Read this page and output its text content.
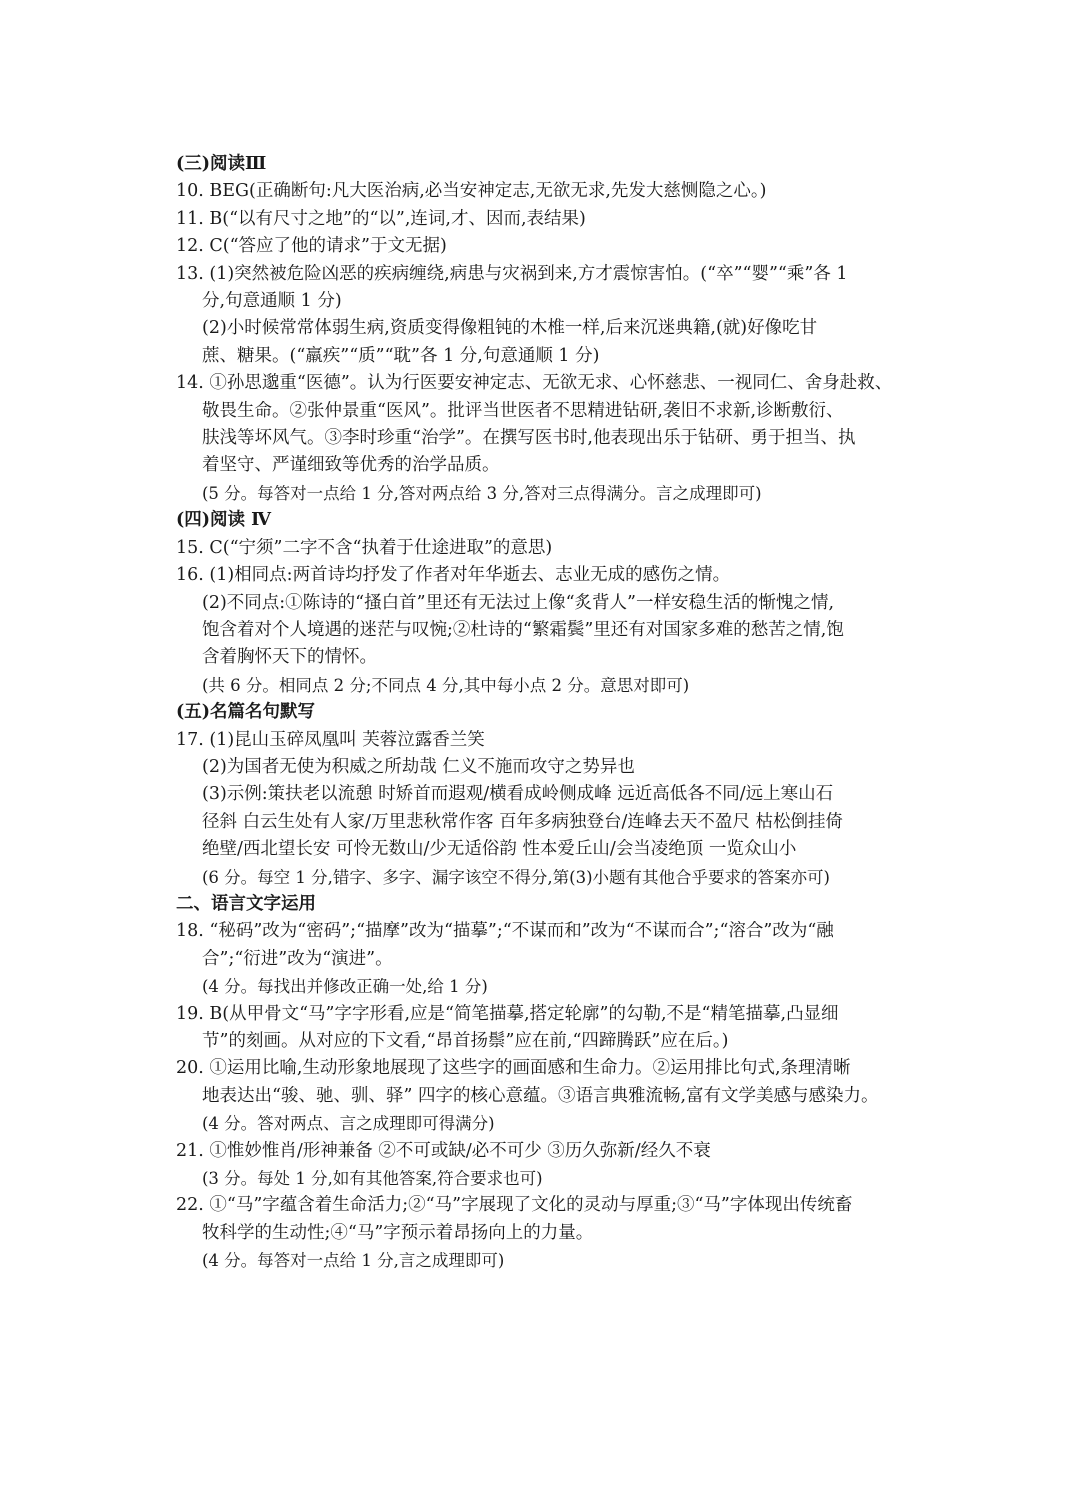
(三)阅读Ⅲ
10. BEG(正确断句:凡大医治病,必当安神定志,无欲无求,先发大慈恻隐之心。)
11. B(“以有尺寸之地”的“以”,连词,才、因而,表结果)
12. C(“答应了他的请求”于文无据)
13. (1)突然被危险凶恶的疾病缠绕,病患与灾祸到来,方才震惊害怕。(“卒”“婴”“乘”各 1
分,句意通顺 1 分)
(2)小时候常常体弱生病,资质变得像粗钝的木椎一样,后来沉迷典籍,(就)好像吃甘
蔗、糖果。(“羸疾”“质”“耽”各 1 分,句意通顺 1 分)
14. ①孙思邈重“医德”。认为行医要安神定志、无欲无求、心怀慈悲、一视同仁、舍身赴救、
敬畏生命。②张仲景重“医风”。批评当世医者不思精进钻研,袭旧不求新,诊断敷衍、
肤浅等坏风气。③李时珍重“治学”。在撰写医书时,他表现出乐于钻研、勇于担当、执
着坚守、严谨细致等优秀的治学品质。
(5 分。每答对一点给 1 分,答对两点给 3 分,答对三点得满分。言之成理即可)
(四)阅读 Ⅳ
15. C(“宁须”二字不含“执着于仕途进取”的意思)
16. (1)相同点:两首诗均抒发了作者对年华逝去、志业无成的感伤之情。
(2)不同点:①陈诗的“搔白首”里还有无法过上像“炙背人”一样安稳生活的惭愧之情,
饱含着对个人境遇的迷茫与叹惋;②杜诗的“繁霜鬓”里还有对国家多难的愁苦之情,饱
含着胸怀天下的情怀。
(共 6 分。相同点 2 分;不同点 4 分,其中每小点 2 分。意思对即可)
(五)名篇名句默写
17. (1)昆山玉碎凤凰叫 芙蓉泣露香兰笑
(2)为国者无使为积威之所劫哉 仁义不施而攻守之势异也
(3)示例:策扶老以流憩 时矫首而遐观/横看成岭侧成峰 远近高低各不同/远上寒山石
径斜 白云生处有人家/万里悲秋常作客 百年多病独登台/连峰去天不盈尺 枯松倒挂倚
绝壁/西北望长安 可怜无数山/少无适俗韵 性本爱丘山/会当凌绝顶 一览众山小
(6 分。每空 1 分,错字、多字、漏字该空不得分,第(3)小题有其他合乎要求的答案亦可)
二、语言文字运用
18. “秘码”改为“密码”;“描摩”改为“描摹”;“不谋而和”改为“不谋而合”;“溶合”改为“融
合”;“衍进”改为“演进”。
(4 分。每找出并修改正确一处,给 1 分)
19. B(从甲骨文“马”字字形看,应是“简笔描摹,搭定轮廓”的勾勒,不是“精笔描摹,凸显细
节”的刻画。从对应的下文看,“昂首扬鬃”应在前,“四蹄腾跃”应在后。)
20. ①运用比喻,生动形象地展现了这些字的画面感和生命力。②运用排比句式,条理清晰
地表达出“骏、驰、驯、驿” 四字的核心意蕴。③语言典雅流畅,富有文学美感与感染力。
(4 分。答对两点、言之成理即可得满分)
21. ①惟妙惟肖/形神兼备 ②不可或缺/必不可少 ③历久弥新/经久不衰
(3 分。每处 1 分,如有其他答案,符合要求也可)
22. ①“马”字蕴含着生命活力;②“马”字展现了文化的灵动与厚重;③“马”字体现出传统畜
牧科学的生动性;④“马”字预示着昂扬向上的力量。
(4 分。每答对一点给 1 分,言之成理即可)
